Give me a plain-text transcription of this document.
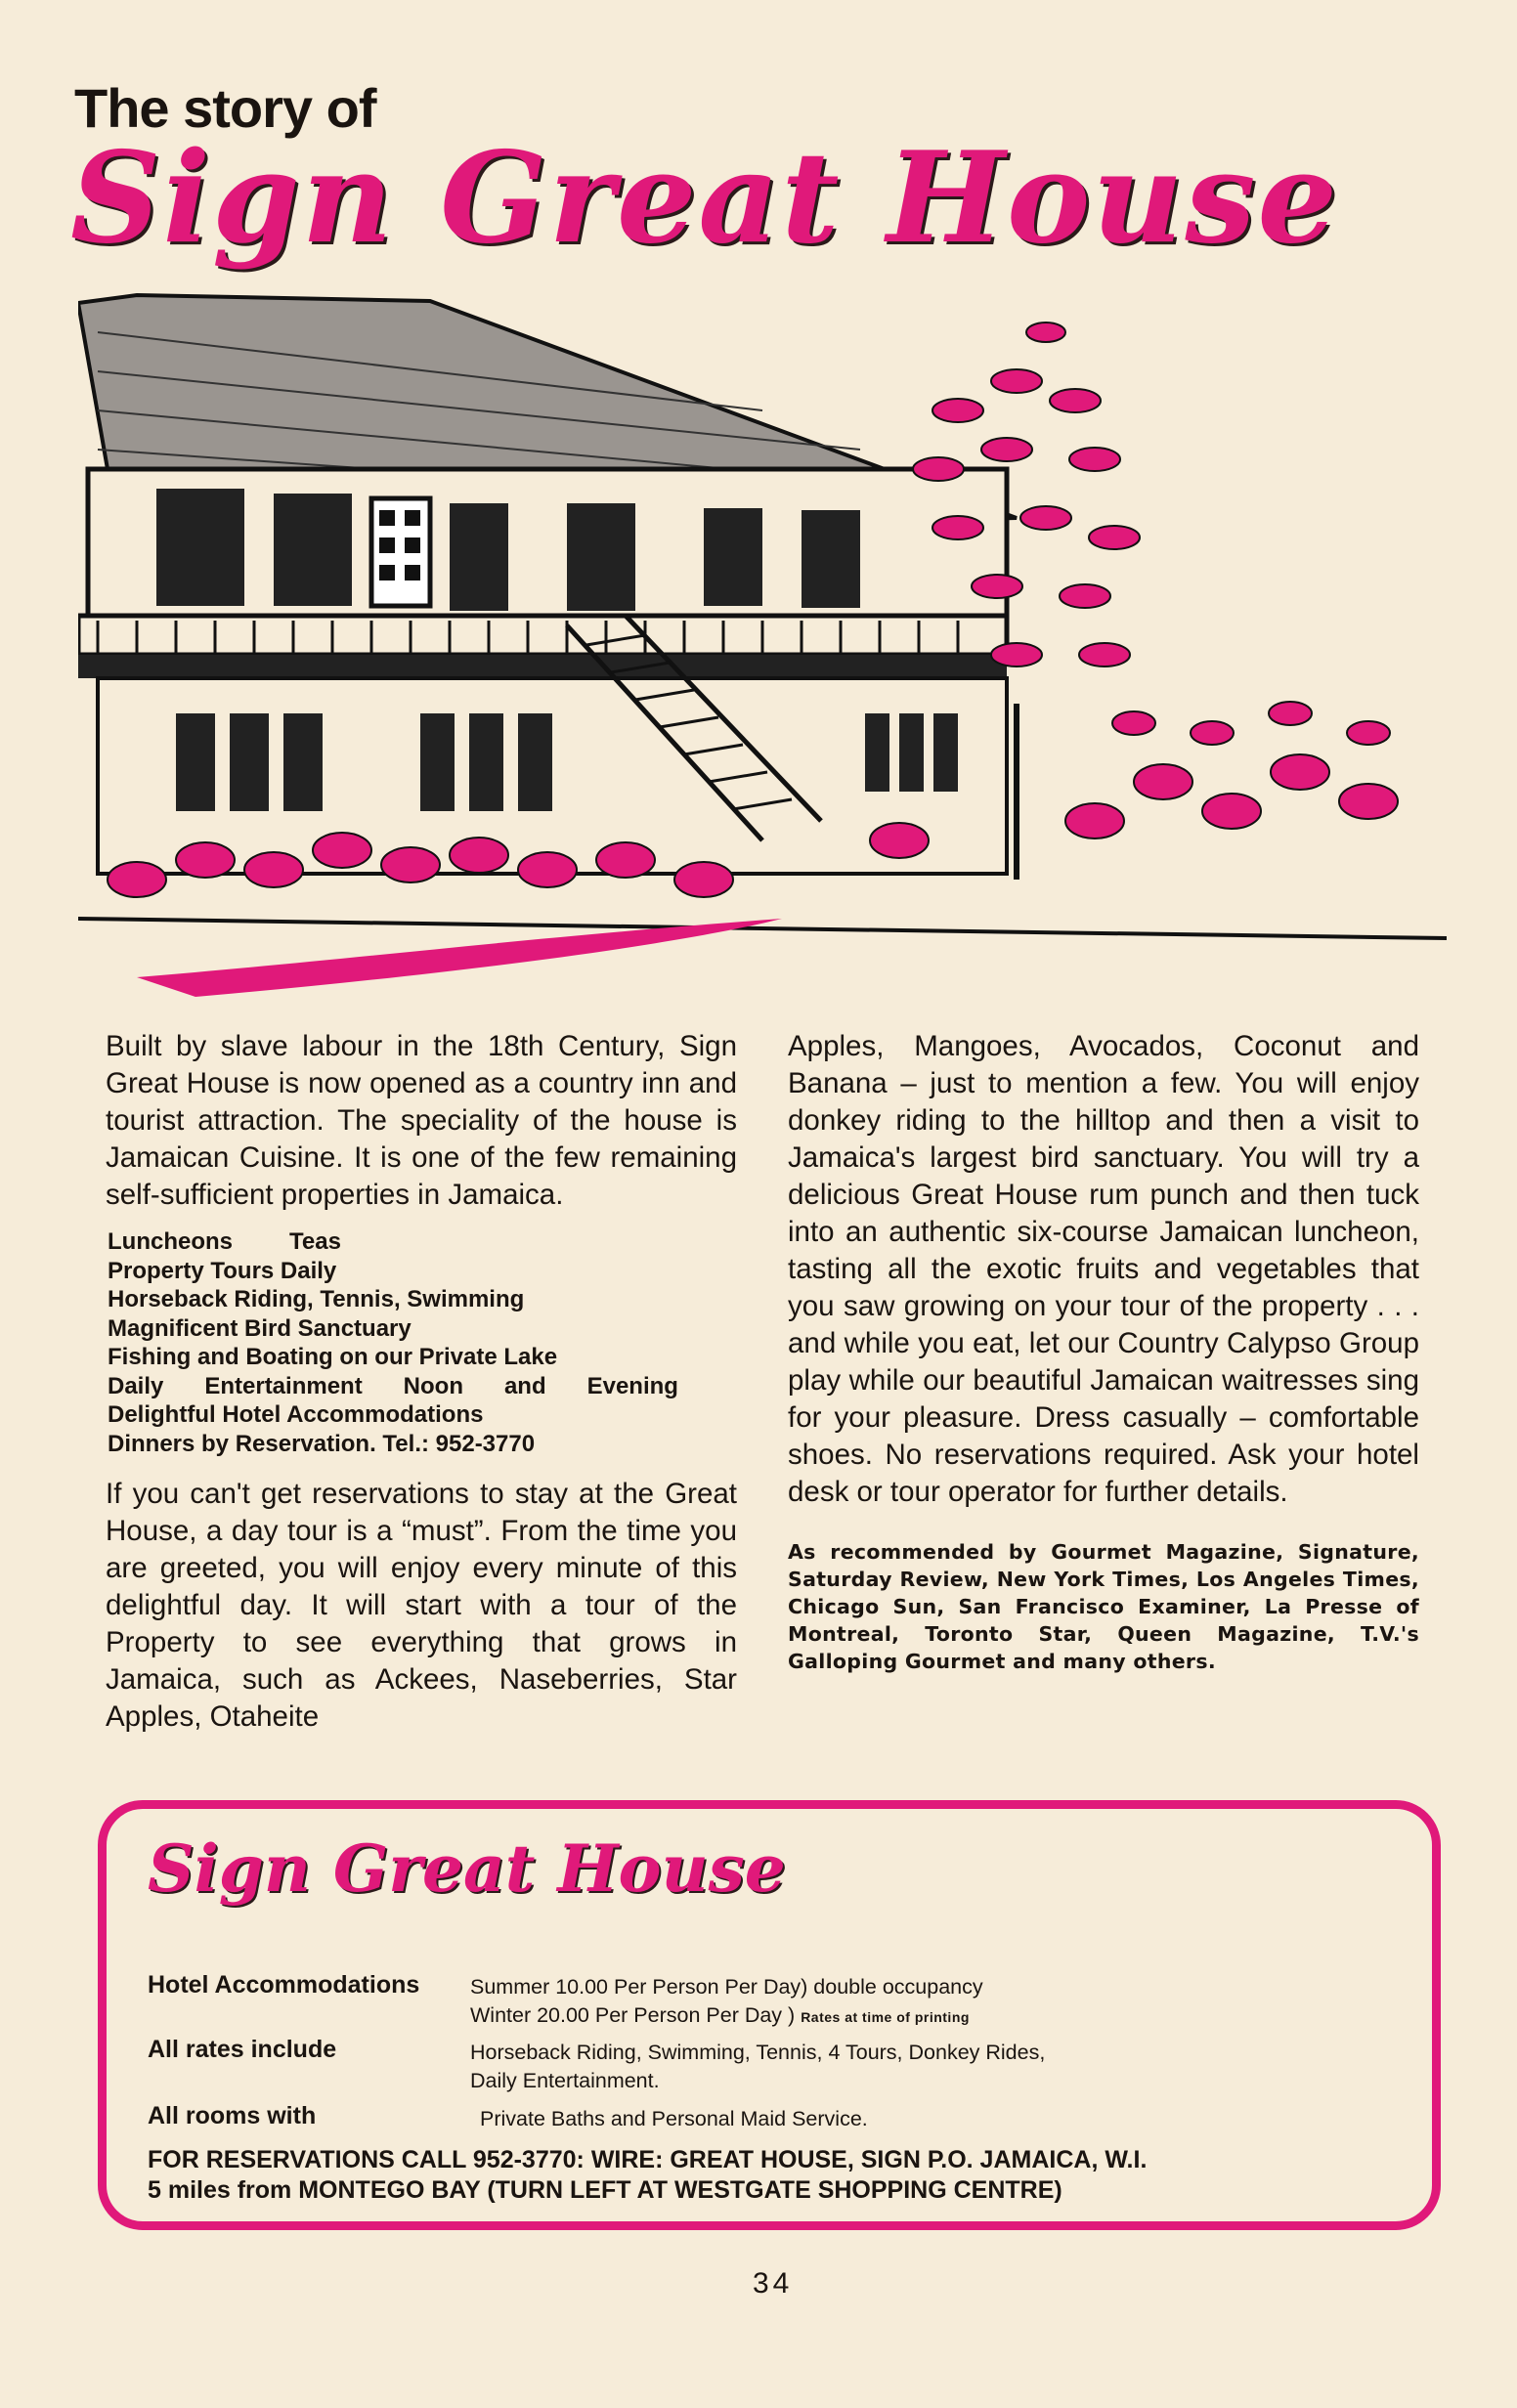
The story of
Sign Great House

Built by slave labour in the 18th Century, Sign Great House is now opened as a country inn and tourist attraction. The speciality of the house is Jamaican Cuisine. It is one of the few remaining self-sufficient properties in Jamaica.

Luncheons Teas
Property Tours Daily
Horseback Riding, Tennis, Swimming
Magnificent Bird Sanctuary
Fishing and Boating on our Private Lake
Daily Entertainment Noon and Evening
Delightful Hotel Accommodations
Dinners by Reservation. Tel.: 952-3770

If you can't get reservations to stay at the Great House, a day tour is a “must”. From the time you are greeted, you will enjoy every minute of this delightful day. It will start with a tour of the Property to see everything that grows in Jamaica, such as Ackees, Naseberries, Star Apples, Otaheite

Apples, Mangoes, Avocados, Coconut and Banana – just to mention a few. You will enjoy donkey riding to the hilltop and then a visit to Jamaica's largest bird sanctuary. You will try a delicious Great House rum punch and then tuck into an authentic six-course Jamaican luncheon, tasting all the exotic fruits and vegetables that you saw growing on your tour of the property . . . and while you eat, let our Country Calypso Group play while our beautiful Jamaican waitresses sing for your pleasure. Dress casually – comfortable shoes. No reservations required. Ask your hotel desk or tour operator for further details.

As recommended by Gourmet Magazine, Signature, Saturday Review, New York Times, Los Angeles Times, Chicago Sun, San Francisco Examiner, La Presse of Montreal, Toronto Star, Queen Magazine, T.V.'s Galloping Gourmet and many others.
Sign Great House
Hotel Accommodations Summer 10.00 Per Person Per Day) double occupancy
Winter 20.00 Per Person Per Day ) Rates at time of printing
All rates include	Horseback Riding, Swimming, Tennis, 4 Tours, Donkey Rides,
Daily Entertainment.
All rooms with	Private Baths and Personal Maid Service.
FOR RESERVATIONS CALL 952-3770: WIRE: GREAT HOUSE, SIGN P.O. JAMAICA, W.I.
5 miles from MONTEGO BAY (TURN LEFT AT WESTGATE SHOPPING CENTRE)
34
